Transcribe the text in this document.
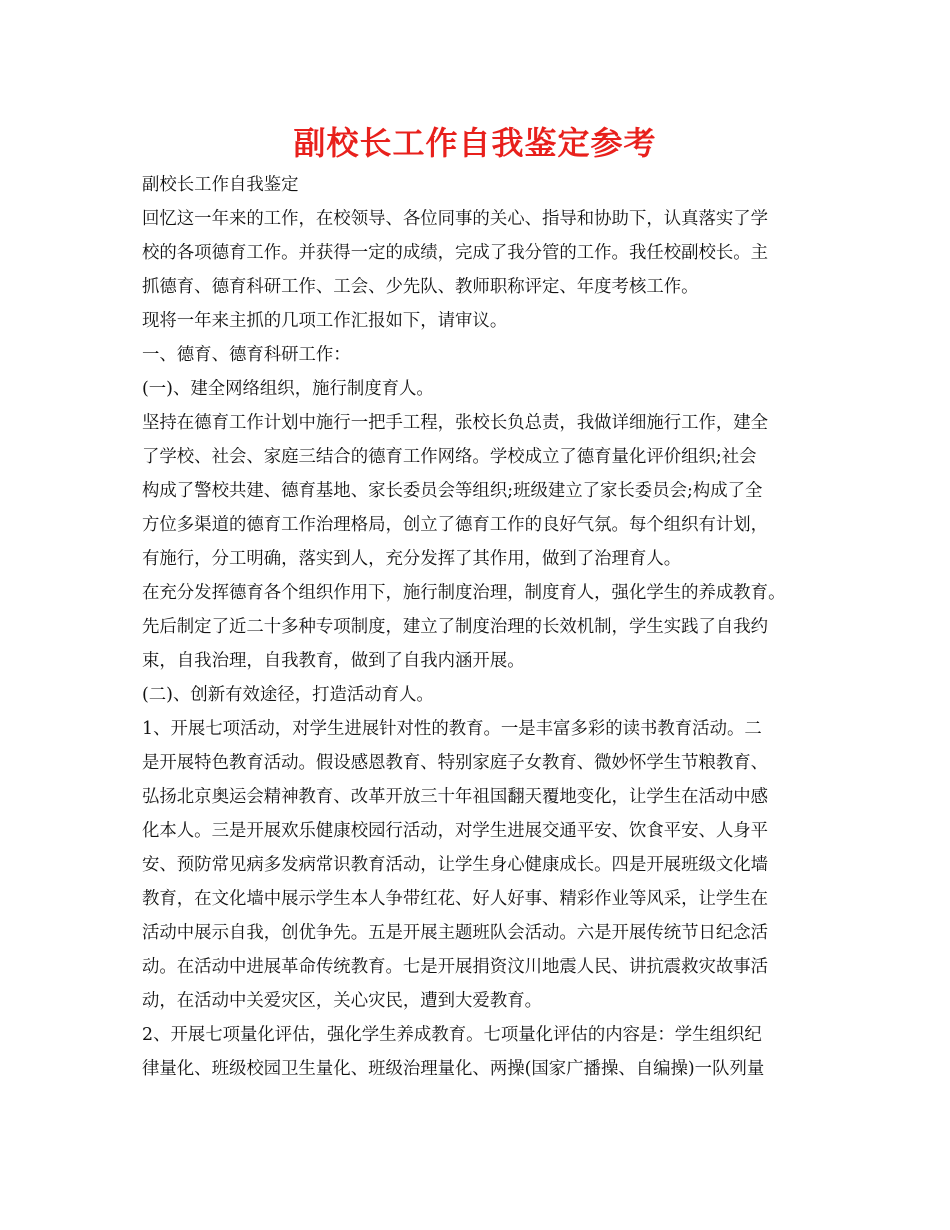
副校长工作自我鉴定参考
副校长工作自我鉴定
回忆这一年来的工作，在校领导、各位同事的关心、指导和协助下，认真落实了学
校的各项德育工作。并获得一定的成绩，完成了我分管的工作。我任校副校长。主
抓德育、德育科研工作、工会、少先队、教师职称评定、年度考核工作。
现将一年来主抓的几项工作汇报如下，请审议。
一、德育、德育科研工作：
(一)、建全网络组织，施行制度育人。
坚持在德育工作计划中施行一把手工程，张校长负总责，我做详细施行工作，建全
了学校、社会、家庭三结合的德育工作网络。学校成立了德育量化评价组织;社会
构成了警校共建、德育基地、家长委员会等组织;班级建立了家长委员会;构成了全
方位多渠道的德育工作治理格局，创立了德育工作的良好气氛。每个组织有计划，
有施行，分工明确，落实到人，充分发挥了其作用，做到了治理育人。
在充分发挥德育各个组织作用下，施行制度治理，制度育人，强化学生的养成教育。
先后制定了近二十多种专项制度，建立了制度治理的长效机制，学生实践了自我约
束，自我治理，自我教育，做到了自我内涵开展。
(二)、创新有效途径，打造活动育人。
1、开展七项活动，对学生进展针对性的教育。一是丰富多彩的读书教育活动。二
是开展特色教育活动。假设感恩教育、特别家庭子女教育、微妙怀学生节粮教育、
弘扬北京奥运会精神教育、改革开放三十年祖国翻天覆地变化，让学生在活动中感
化本人。三是开展欢乐健康校园行活动，对学生进展交通平安、饮食平安、人身平
安、预防常见病多发病常识教育活动，让学生身心健康成长。四是开展班级文化墙
教育，在文化墙中展示学生本人争带红花、好人好事、精彩作业等风采，让学生在
活动中展示自我，创优争先。五是开展主题班队会活动。六是开展传统节日纪念活
动。在活动中进展革命传统教育。七是开展捐资汶川地震人民、讲抗震救灾故事活
动，在活动中关爱灾区，关心灾民，遭到大爱教育。
2、开展七项量化评估，强化学生养成教育。七项量化评估的内容是：学生组织纪
律量化、班级校园卫生量化、班级治理量化、两操(国家广播操、自编操)一队列量
